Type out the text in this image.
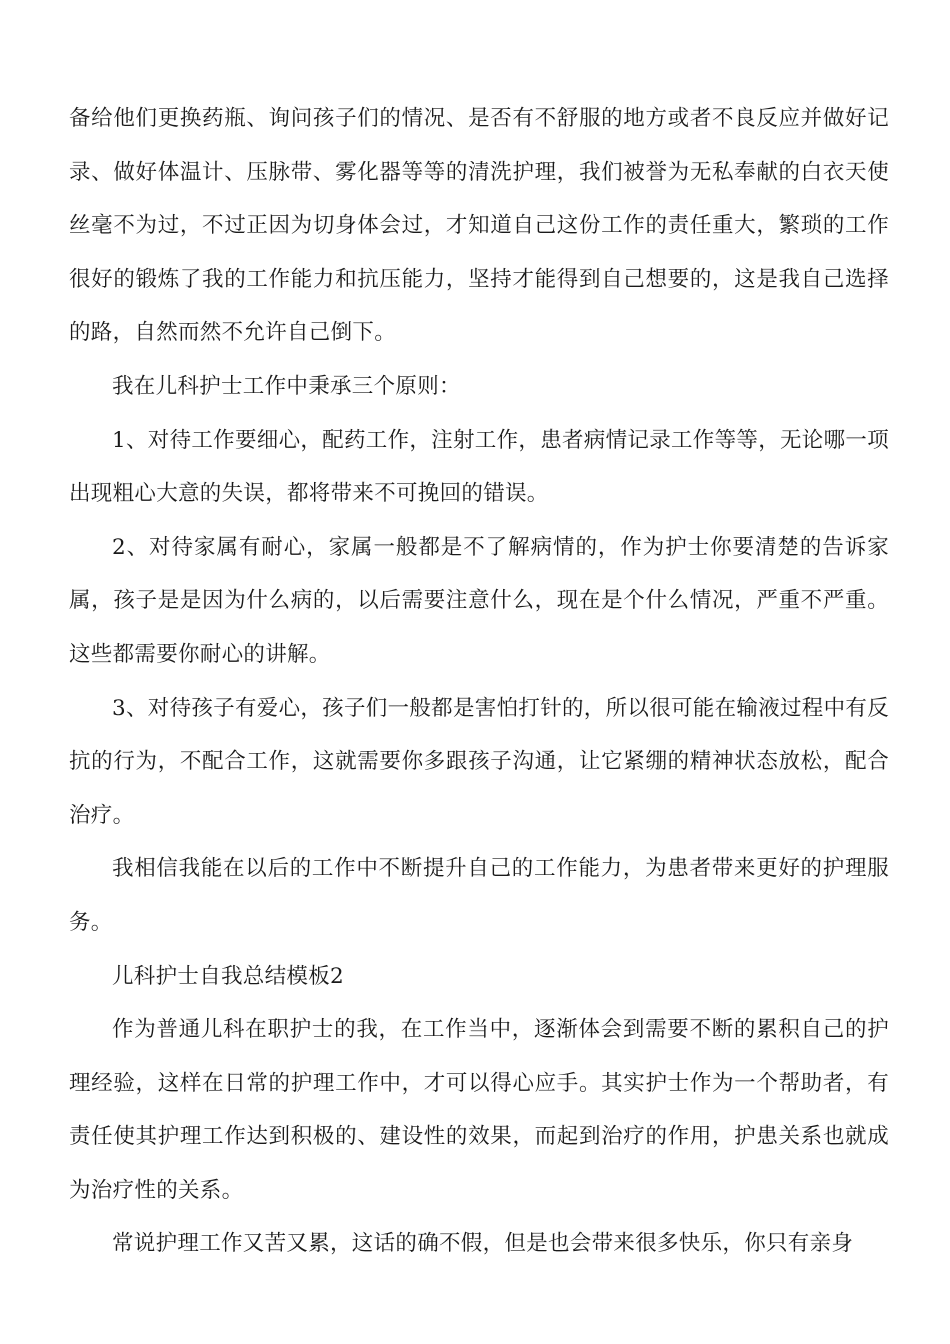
备给他们更换药瓶、询问孩子们的情况、是否有不舒服的地方或者不良反应并做好记录、做好体温计、压脉带、雾化器等等的清洗护理，我们被誉为无私奉献的白衣天使丝毫不为过，不过正因为切身体会过，才知道自己这份工作的责任重大，繁琐的工作很好的锻炼了我的工作能力和抗压能力，坚持才能得到自己想要的，这是我自己选择的路，自然而然不允许自己倒下。

我在儿科护士工作中秉承三个原则：

1、对待工作要细心，配药工作，注射工作，患者病情记录工作等等，无论哪一项出现粗心大意的失误，都将带来不可挽回的错误。

2、对待家属有耐心，家属一般都是不了解病情的，作为护士你要清楚的告诉家属，孩子是是因为什么病的，以后需要注意什么，现在是个什么情况，严重不严重。这些都需要你耐心的讲解。

3、对待孩子有爱心，孩子们一般都是害怕打针的，所以很可能在输液过程中有反抗的行为，不配合工作，这就需要你多跟孩子沟通，让它紧绷的精神状态放松，配合治疗。

我相信我能在以后的工作中不断提升自己的工作能力，为患者带来更好的护理服务。

儿科护士自我总结模板2

作为普通儿科在职护士的我，在工作当中，逐渐体会到需要不断的累积自己的护理经验，这样在日常的护理工作中，才可以得心应手。其实护士作为一个帮助者，有责任使其护理工作达到积极的、建设性的效果，而起到治疗的作用，护患关系也就成为治疗性的关系。

常说护理工作又苦又累，这话的确不假，但是也会带来很多快乐，你只有亲身
